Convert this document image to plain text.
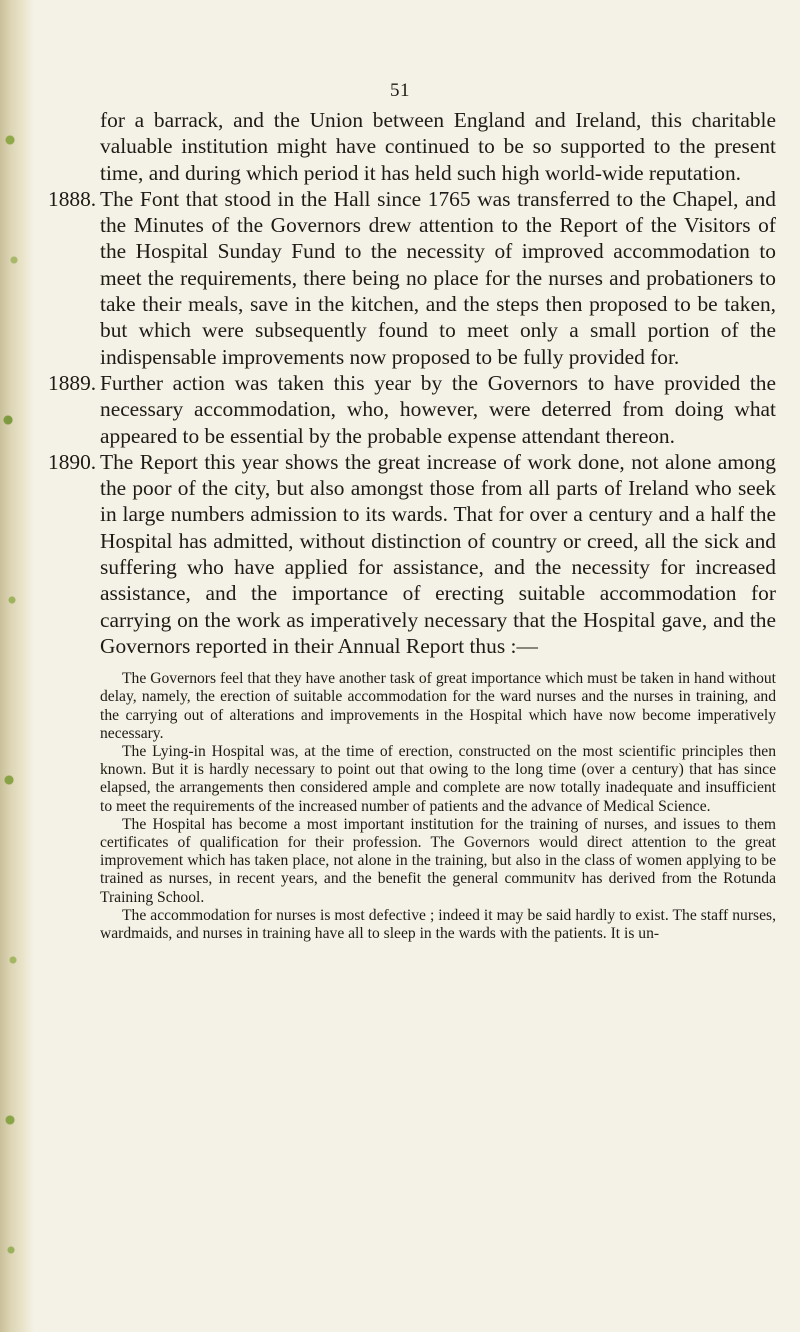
51

for a barrack, and the Union between England and Ireland, this charitable valuable institution might have continued to be so supported to the present time, and during which period it has held such high world-wide reputation.

1888. The Font that stood in the Hall since 1765 was transferred to the Chapel, and the Minutes of the Governors drew attention to the Report of the Visitors of the Hospital Sunday Fund to the necessity of improved accommodation to meet the requirements, there being no place for the nurses and probationers to take their meals, save in the kitchen, and the steps then proposed to be taken, but which were subsequently found to meet only a small portion of the indispensable improvements now proposed to be fully provided for.
1889. Further action was taken this year by the Governors to have provided the necessary accommodation, who, however, were deterred from doing what appeared to be essential by the probable expense attendant thereon.
1890. The Report this year shows the great increase of work done, not alone among the poor of the city, but also amongst those from all parts of Ireland who seek in large numbers admission to its wards. That for over a century and a half the Hospital has admitted, without distinction of country or creed, all the sick and suffering who have applied for assistance, and the necessity for increased assistance, and the importance of erecting suitable accommodation for carrying on the work as imperatively necessary that the Hospital gave, and the Governors reported in their Annual Report thus :—

The Governors feel that they have another task of great importance which must be taken in hand without delay, namely, the erection of suitable accommodation for the ward nurses and the nurses in training, and the carrying out of alterations and improvements in the Hospital which have now become imperatively necessary.

The Lying-in Hospital was, at the time of erection, constructed on the most scientific principles then known. But it is hardly necessary to point out that owing to the long time (over a century) that has since elapsed, the arrangements then considered ample and complete are now totally inadequate and insufficient to meet the requirements of the increased number of patients and the advance of Medical Science.

The Hospital has become a most important institution for the training of nurses, and issues to them certificates of qualification for their profession. The Governors would direct attention to the great improvement which has taken place, not alone in the training, but also in the class of women applying to be trained as nurses, in recent years, and the benefit the general communitv has derived from the Rotunda Training School.

The accommodation for nurses is most defective ; indeed it may be said hardly to exist. The staff nurses, wardmaids, and nurses in training have all to sleep in the wards with the patients. It is un-
